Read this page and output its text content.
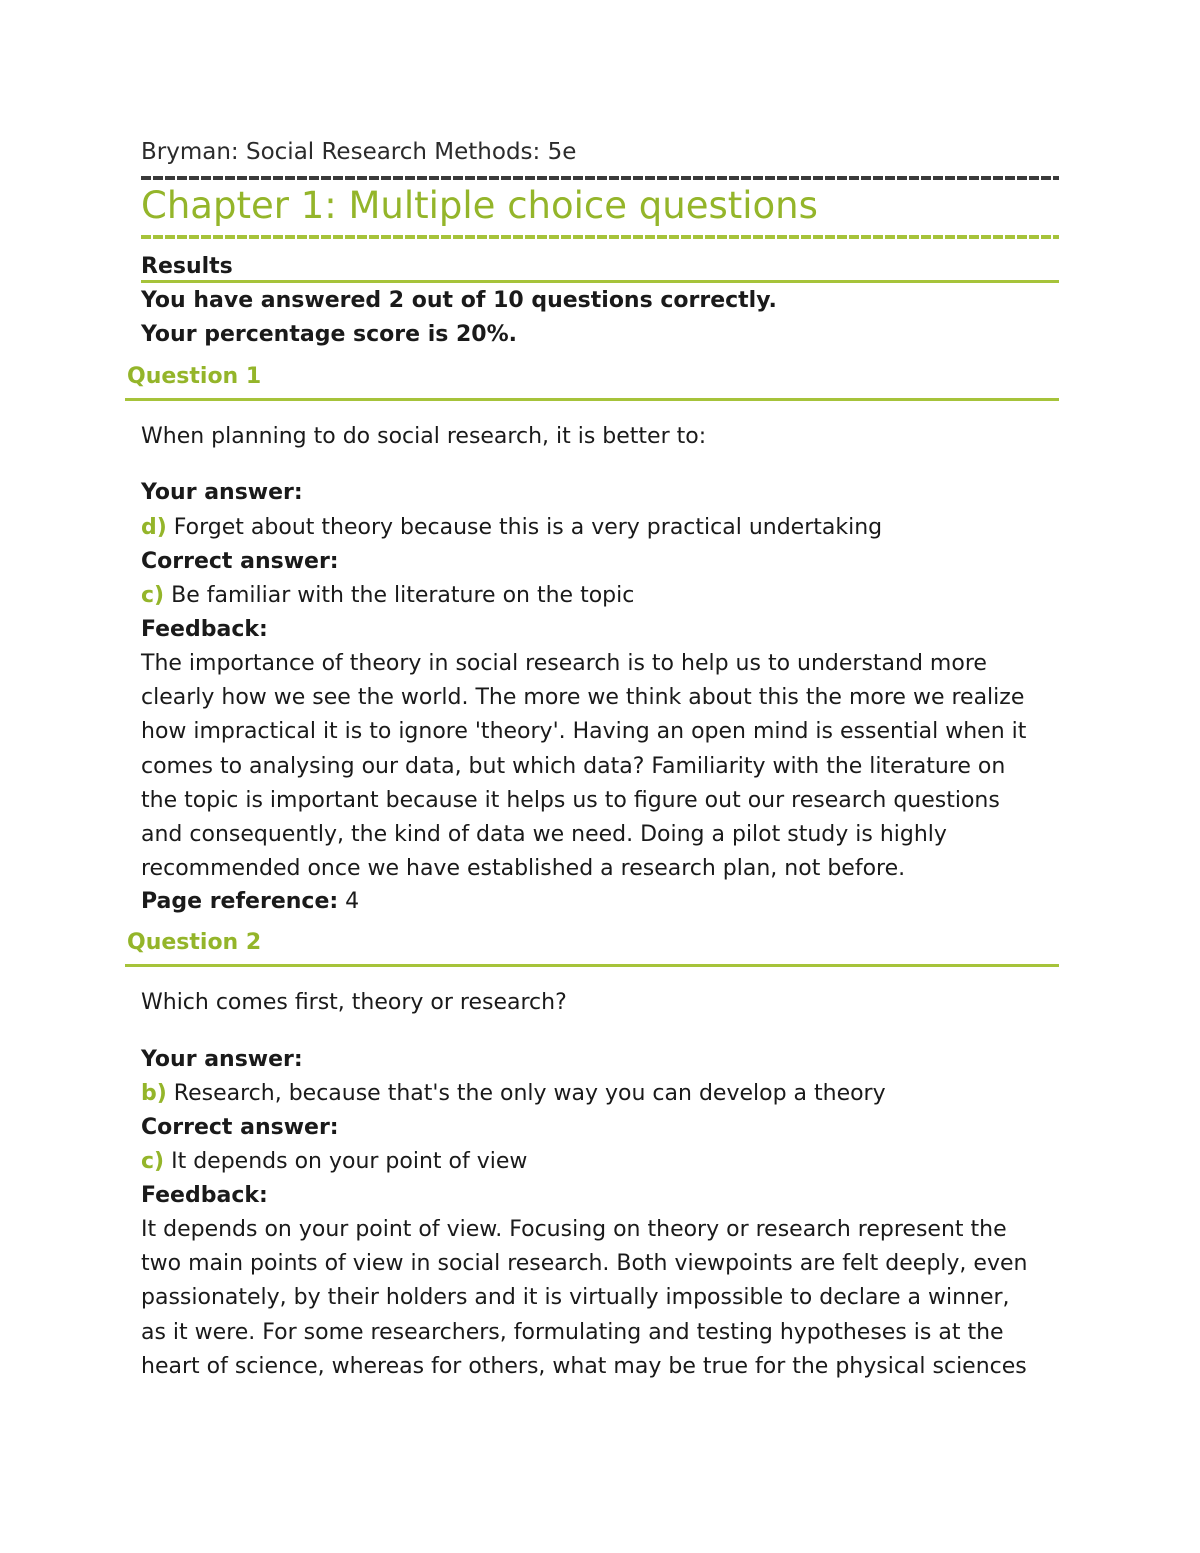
Bryman: Social Research Methods: 5e
Chapter 1: Multiple choice questions
Results
You have answered 2 out of 10 questions correctly.
Your percentage score is 20%.
Question 1
When planning to do social research, it is better to:
Your answer:
d) Forget about theory because this is a very practical undertaking
Correct answer:
c) Be familiar with the literature on the topic
Feedback:
The importance of theory in social research is to help us to understand more
clearly how we see the world. The more we think about this the more we realize
how impractical it is to ignore 'theory'. Having an open mind is essential when it
comes to analysing our data, but which data? Familiarity with the literature on
the topic is important because it helps us to figure out our research questions
and consequently, the kind of data we need. Doing a pilot study is highly
recommended once we have established a research plan, not before.
Page reference: 4
Question 2
Which comes first, theory or research?
Your answer:
b) Research, because that's the only way you can develop a theory
Correct answer:
c) It depends on your point of view
Feedback:
It depends on your point of view. Focusing on theory or research represent the
two main points of view in social research. Both viewpoints are felt deeply, even
passionately, by their holders and it is virtually impossible to declare a winner,
as it were. For some researchers, formulating and testing hypotheses is at the
heart of science, whereas for others, what may be true for the physical sciences
